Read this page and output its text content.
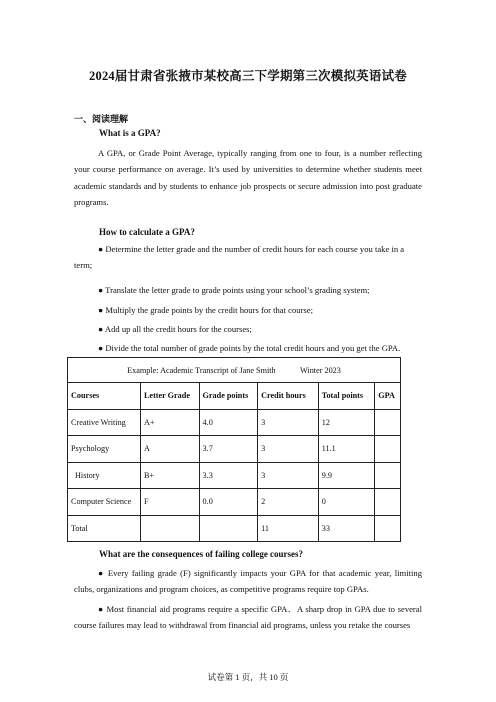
2024届甘肃省张掖市某校高三下学期第三次模拟英语试卷
一、阅读理解
What is a GPA?
A GPA, or Grade Point Average, typically ranging from one to four, is a number reflecting your course performance on average. It’s used by universities to determine whether students meet academic standards and by students to enhance job prospects or secure admission into post graduate programs.
How to calculate a GPA?
● Determine the letter grade and the number of credit hours for each course you take in a term;
● Translate the letter grade to grade points using your school’s grading system;
● Multiply the grade points by the credit hours for that course;
● Add up all the credit hours for the courses;
● Divide the total number of grade points by the total credit hours and you get the GPA.
Example: Academic Transcript of Jane Smith            Winter 2023					
Courses	Letter Grade	Grade points	Credit hours	Total points	GPA
Creative Writing	A+	4.0	3	12	
Psychology	A	3.7	3	11.1	
History	B+	3.3	3	9.9	
Computer Science	F	0.0	2	0	
Total			11	33	
What are the consequences of failing college courses?
● Every failing grade (F) significantly impacts your GPA for that academic year, limiting clubs, organizations and program choices, as competitive programs require top GPAs.
● Most financial aid programs require a specific GPA．A sharp drop in GPA due to several course failures may lead to withdrawal from financial aid programs, unless you retake the courses
试卷第 1 页，共 10 页
